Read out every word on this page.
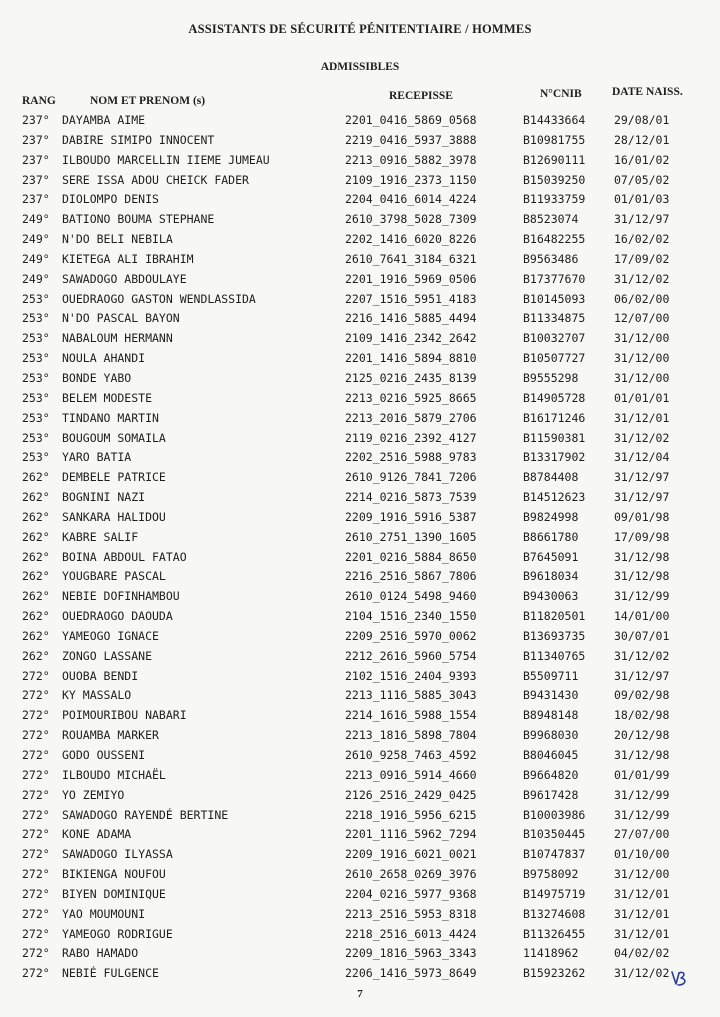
ASSISTANTS DE SÉCURITÉ PÉNITENTIAIRE / HOMMES
ADMISSIBLES
RANG	NOM ET PRENOM (s)	RECEPISSE	N°CNIB	DATE NAISS.
237° DAYAMBA AIME	2201_0416_5869_0568	B14433664 29/08/01
237° DABIRE SIMIPO INNOCENT	2219_0416_5937_3888	B10981755 28/12/01
237° ILBOUDO MARCELLIN IIEME JUMEAU	2213_0916_5882_3978	B12690111 16/01/02
237° SERE ISSA ADOU CHEICK FADER	2109_1916_2373_1150	B15039250 07/05/02
237° DIOLOMPO DENIS	2204_0416_6014_4224	B11933759 01/01/03
249° BATIONO BOUMA STEPHANE	2610_3798_5028_7309	B8523074	31/12/97
249° N'DO BELI NEBILA	2202_1416_6020_8226	B16482255 16/02/02
249° KIETEGA ALI IBRAHIM	2610_7641_3184_6321	B9563486	17/09/02
249° SAWADOGO ABDOULAYE	2201_1916_5969_0506	B17377670 31/12/02
253° OUEDRAOGO GASTON WENDLASSIDA	2207_1516_5951_4183	B10145093 06/02/00
253° N'DO PASCAL BAYON	2216_1416_5885_4494	B11334875 12/07/00
253° NABALOUM HERMANN	2109_1416_2342_2642	B10032707 31/12/00
253° NOULA AHANDI	2201_1416_5894_8810	B10507727 31/12/00
253° BONDE YABO	2125_0216_2435_8139	B9555298	31/12/00
253° BELEM MODESTE	2213_0216_5925_8665	B14905728 01/01/01
253° TINDANO MARTIN	2213_2016_5879_2706	B16171246 31/12/01
253° BOUGOUM SOMAILA	2119_0216_2392_4127	B11590381 31/12/02
253° YARO BATIA	2202_2516_5988_9783	B13317902 31/12/04
262° DEMBELE PATRICE	2610_9126_7841_7206	B8784408	31/12/97
262° BOGNINI NAZI	2214_0216_5873_7539	B14512623 31/12/97
262° SANKARA HALIDOU	2209_1916_5916_5387	B9824998	09/01/98
262° KABRE SALIF	2610_2751_1390_1605	B8661780	17/09/98
262° BOINA ABDOUL FATAO	2201_0216_5884_8650	B7645091	31/12/98
262° YOUGBARE PASCAL	2216_2516_5867_7806	B9618034	31/12/98
262° NEBIE DOFINHAMBOU	2610_0124_5498_9460	B9430063	31/12/99
262° OUEDRAOGO DAOUDA	2104_1516_2340_1550	B11820501 14/01/00
262° YAMEOGO IGNACE	2209_2516_5970_0062	B13693735 30/07/01
262° ZONGO LASSANE	2212_2616_5960_5754	B11340765 31/12/02
272° OUOBA BENDI	2102_1516_2404_9393	B5509711	31/12/97
272° KY MASSALO	2213_1116_5885_3043	B9431430	09/02/98
272° POIMOURIBOU NABARI	2214_1616_5988_1554	B8948148	18/02/98
272° ROUAMBA MARKER	2213_1816_5898_7804	B9968030	20/12/98
272° GODO OUSSENI	2610_9258_7463_4592	B8046045	31/12/98
272° ILBOUDO MICHAËL	2213_0916_5914_4660	B9664820	01/01/99
272° YO ZEMIYO	2126_2516_2429_0425	B9617428	31/12/99
272° SAWADOGO RAYENDÉ BERTINE	2218_1916_5956_6215	B10003986 31/12/99
272° KONE ADAMA	2201_1116_5962_7294	B10350445 27/07/00
272° SAWADOGO ILYASSA	2209_1916_6021_0021	B10747837 01/10/00
272° BIKIENGA NOUFOU	2610_2658_0269_3976	B9758092	31/12/00
272° BIYEN DOMINIQUE	2204_0216_5977_9368	B14975719 31/12/01
272° YAO MOUMOUNI	2213_2516_5953_8318	B13274608 31/12/01
272° YAMEOGO RODRIGUE	2218_2516_6013_4424	B11326455 31/12/01
272° RABO HAMADO	2209_1816_5963_3343	11418962	04/02/02
272° NEBIÉ FULGENCE	2206_1416_5973_8649	B15923262 31/12/02
7
